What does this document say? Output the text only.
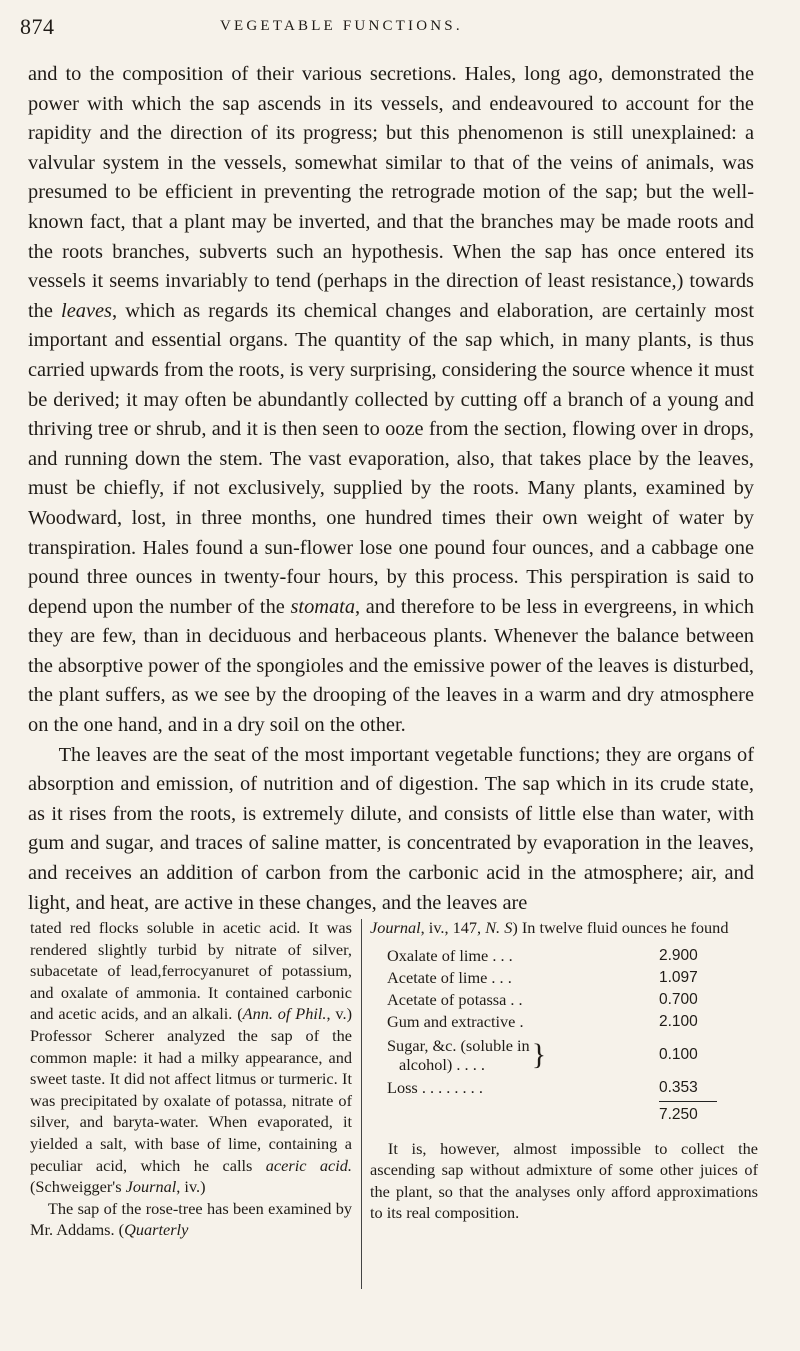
874	VEGETABLE FUNCTIONS.

and to the composition of their various secretions. Hales, long ago, demonstrated the power with which the sap ascends in its vessels, and endeavoured to account for the rapidity and the direction of its progress; but this phenomenon is still unexplained: a valvular system in the vessels, somewhat similar to that of the veins of animals, was presumed to be efficient in preventing the retrograde motion of the sap; but the well-known fact, that a plant may be inverted, and that the branches may be made roots and the roots branches, subverts such an hypothesis. When the sap has once entered its vessels it seems invariably to tend (perhaps in the direction of least resistance,) towards the leaves, which as regards its chemical changes and elaboration, are certainly most important and essential organs. The quantity of the sap which, in many plants, is thus carried upwards from the roots, is very surprising, considering the source whence it must be derived; it may often be abundantly collected by cutting off a branch of a young and thriving tree or shrub, and it is then seen to ooze from the section, flowing over in drops, and running down the stem. The vast evaporation, also, that takes place by the leaves, must be chiefly, if not exclusively, supplied by the roots. Many plants, examined by Woodward, lost, in three months, one hundred times their own weight of water by transpiration. Hales found a sun-flower lose one pound four ounces, and a cabbage one pound three ounces in twenty-four hours, by this process. This perspiration is said to depend upon the number of the stomata, and therefore to be less in evergreens, in which they are few, than in deciduous and herbaceous plants. Whenever the balance between the absorptive power of the spongioles and the emissive power of the leaves is disturbed, the plant suffers, as we see by the drooping of the leaves in a warm and dry atmosphere on the one hand, and in a dry soil on the other.

The leaves are the seat of the most important vegetable functions; they are organs of absorption and emission, of nutrition and of digestion. The sap which in its crude state, as it rises from the roots, is extremely dilute, and consists of little else than water, with gum and sugar, and traces of saline matter, is concentrated by evaporation in the leaves, and receives an addition of carbon from the carbonic acid in the atmosphere; air, and light, and heat, are active in these changes, and the leaves are

tated red flocks soluble in acetic acid. It was rendered slightly turbid by nitrate of silver, subacetate of lead,ferrocyanuret of potassium, and oxalate of ammonia. It contained carbonic and acetic acids, and an alkali. (Ann. of Phil., v.) Professor Scherer analyzed the sap of the common maple: it had a milky appearance, and sweet taste. It did not affect litmus or turmeric. It was precipitated by oxalate of potassa, nitrate of silver, and baryta-water. When evaporated, it yielded a salt, with base of lime, containing a peculiar acid, which he calls aceric acid. (Schweigger's Journal, iv.)

The sap of the rose-tree has been examined by Mr. Addams. (Quarterly

Journal, iv., 147, N. S) In twelve fluid ounces he found

Oxalate of lime . . .	2.900
Acetate of lime . . .	1.097
Acetate of potassa . .	0.700
Gum and extractive .	2.100
Sugar, &c. (soluble in
alcohol) . . . .	}	0.100
Loss . . . . . . . .	0.353
7.250

It is, however, almost impossible to collect the ascending sap without admixture of some other juices of the plant, so that the analyses only afford approximations to its real composition.
